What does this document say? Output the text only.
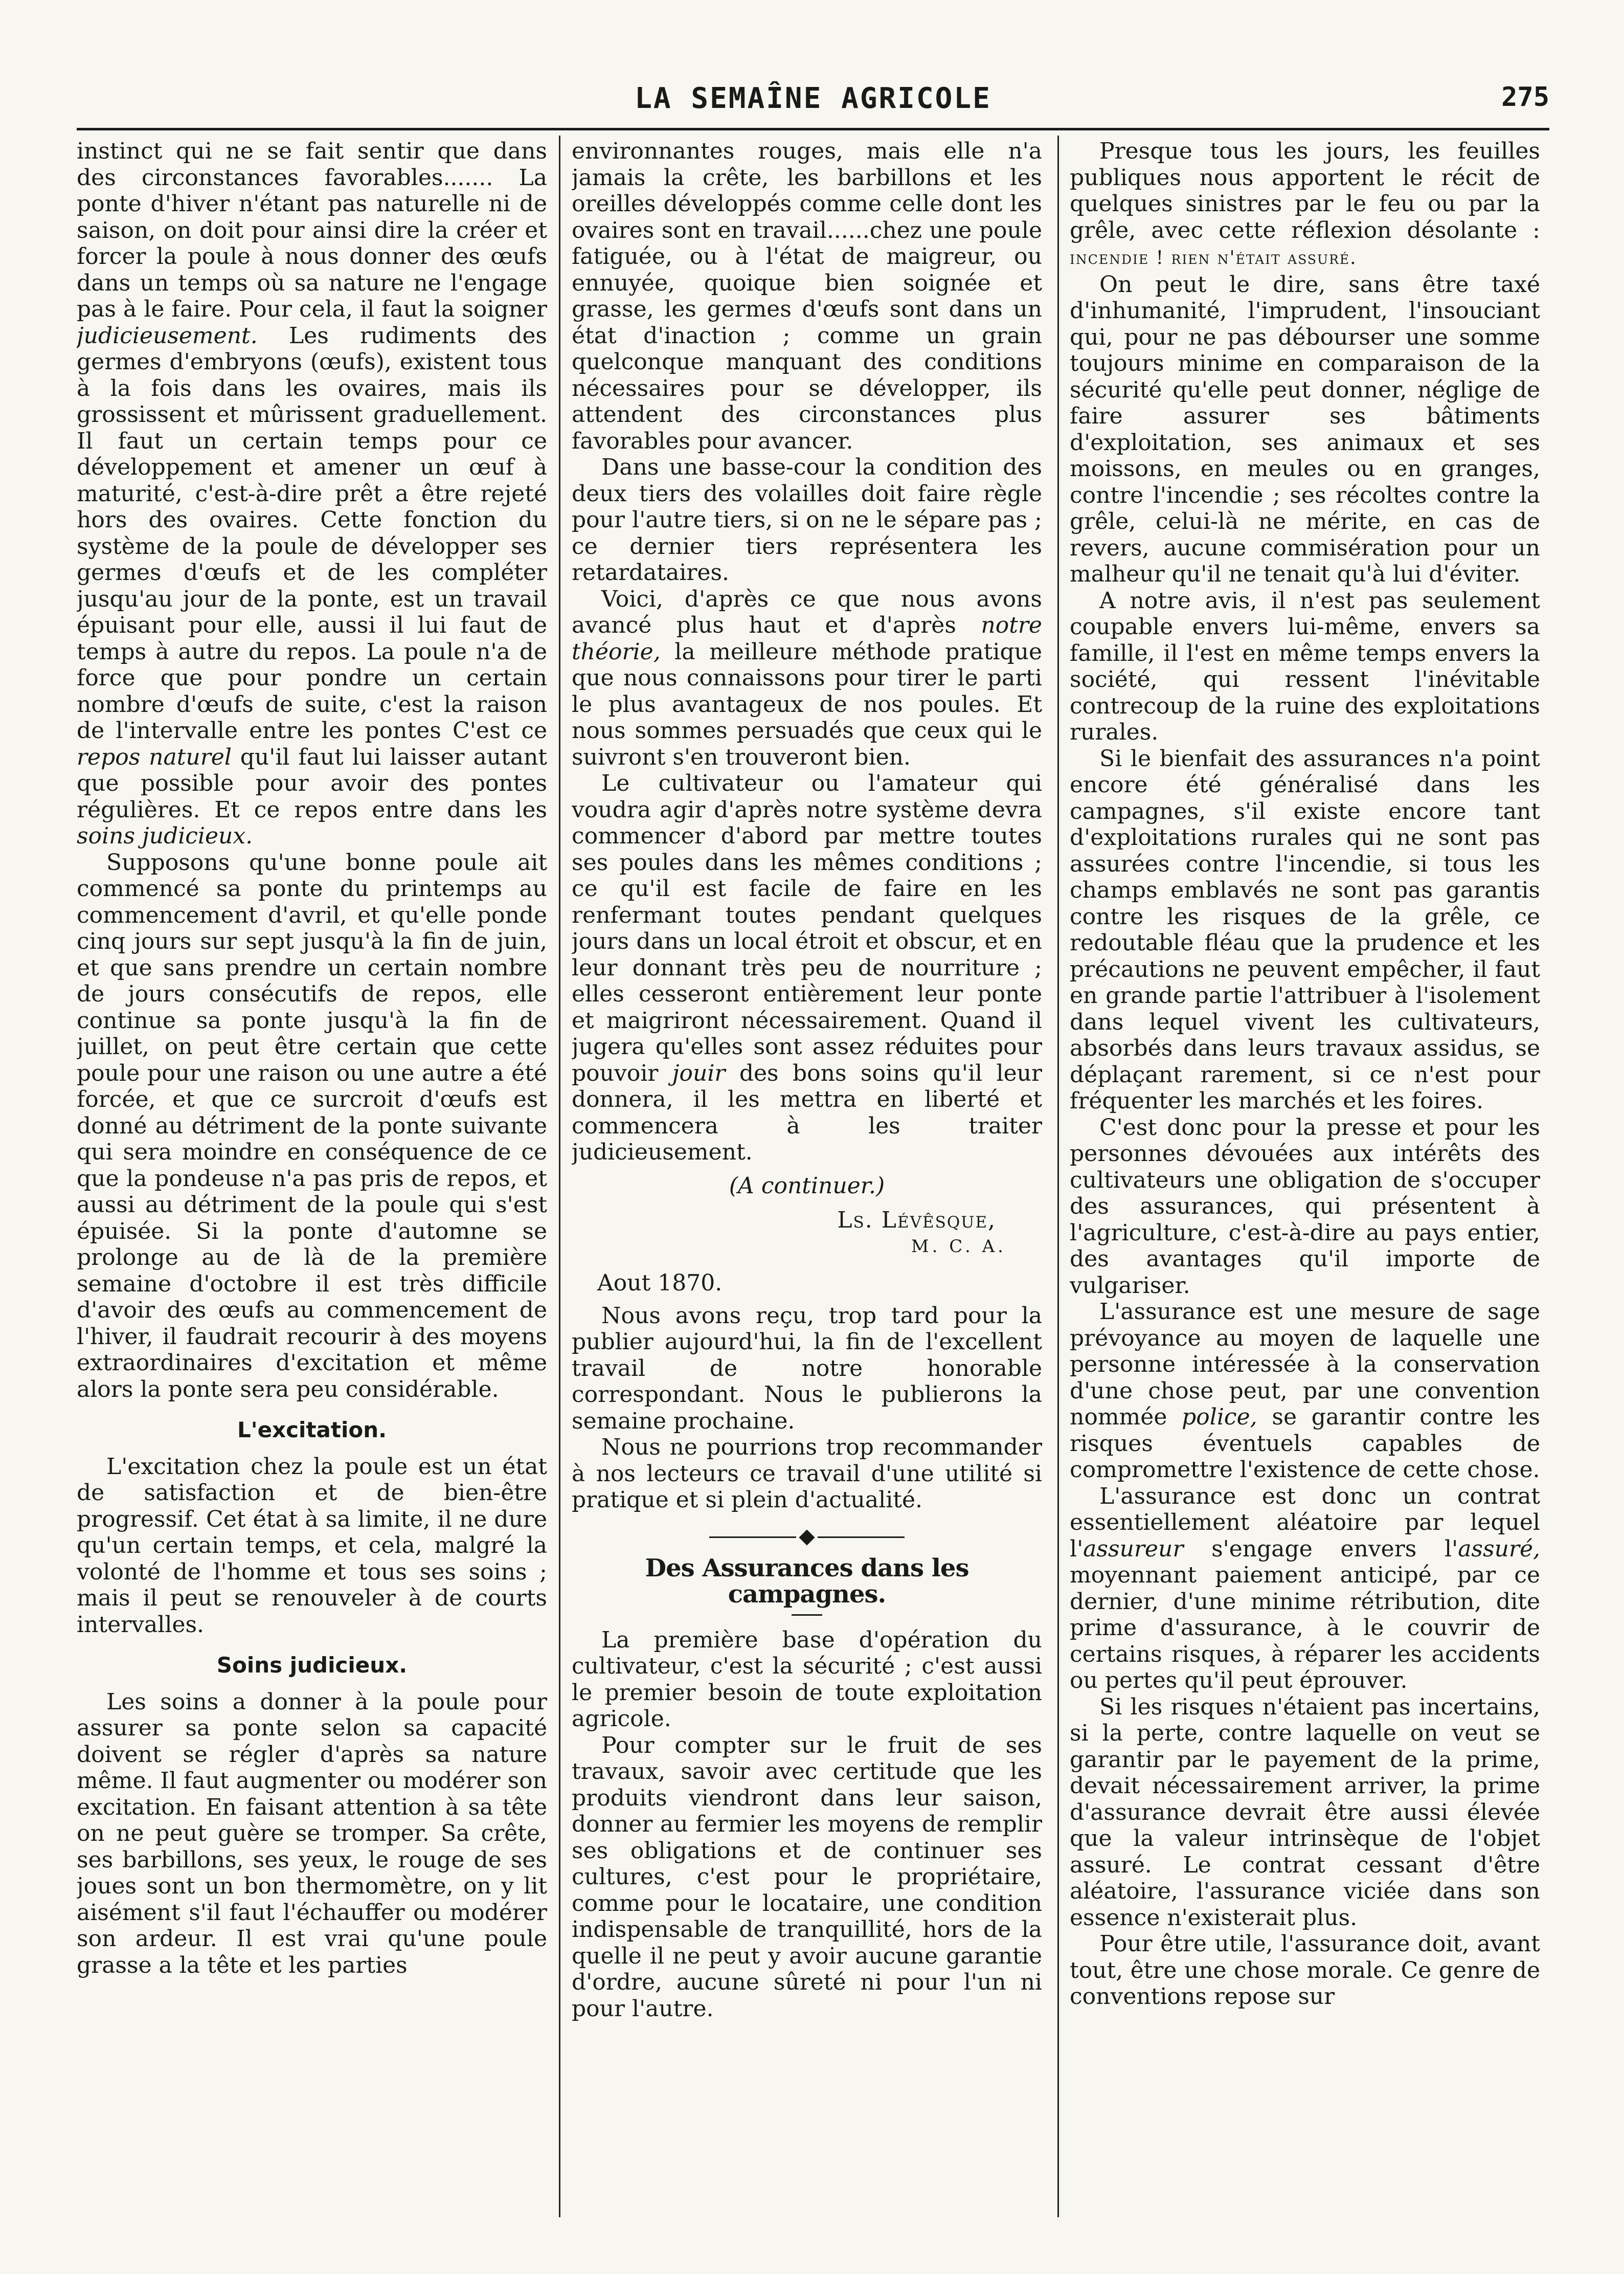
LA SEMAÎNE AGRICOLE	275

instinct qui ne se fait sentir que dans des circonstances favorables....... La ponte d'hiver n'étant pas naturelle ni de saison, on doit pour ainsi dire la créer et forcer la poule à nous donner des œufs dans un temps où sa nature ne l'engage pas à le faire. Pour cela, il faut la soigner judicieusement. Les rudiments des germes d'embryons (œufs), existent tous à la fois dans les ovaires, mais ils grossissent et mûrissent graduellement. Il faut un certain temps pour ce développement et amener un œuf à maturité, c'est-à-dire prêt a être rejeté hors des ovaires. Cette fonction du système de la poule de développer ses germes d'œufs et de les compléter jusqu'au jour de la ponte, est un travail épuisant pour elle, aussi il lui faut de temps à autre du repos. La poule n'a de force que pour pondre un certain nombre d'œufs de suite, c'est la raison de l'intervalle entre les pontes C'est ce repos naturel qu'il faut lui laisser autant que possible pour avoir des pontes régulières. Et ce repos entre dans les soins judicieux.

Supposons qu'une bonne poule ait commencé sa ponte du printemps au commencement d'avril, et qu'elle ponde cinq jours sur sept jusqu'à la fin de juin, et que sans prendre un certain nombre de jours consécutifs de repos, elle continue sa ponte jusqu'à la fin de juillet, on peut être certain que cette poule pour une raison ou une autre a été forcée, et que ce surcroit d'œufs est donné au détriment de la ponte suivante qui sera moindre en conséquence de ce que la pondeuse n'a pas pris de repos, et aussi au détriment de la poule qui s'est épuisée. Si la ponte d'automne se prolonge au de là de la première semaine d'octobre il est très difficile d'avoir des œufs au commencement de l'hiver, il faudrait recourir à des moyens extraordinaires d'excitation et même alors la ponte sera peu considérable.

L'excitation.

L'excitation chez la poule est un état de satisfaction et de bien-être progressif. Cet état à sa limite, il ne dure qu'un certain temps, et cela, malgré la volonté de l'homme et tous ses soins ; mais il peut se renouveler à de courts intervalles.

Soins judicieux.

Les soins a donner à la poule pour assurer sa ponte selon sa capacité doivent se régler d'après sa nature même. Il faut augmenter ou modérer son excitation. En faisant attention à sa tête on ne peut guère se tromper. Sa crête, ses barbillons, ses yeux, le rouge de ses joues sont un bon thermomètre, on y lit aisément s'il faut l'échauffer ou modérer son ardeur. Il est vrai qu'une poule grasse a la tête et les parties

environnantes rouges, mais elle n'a jamais la crête, les barbillons et les oreilles développés comme celle dont les ovaires sont en travail......chez une poule fatiguée, ou à l'état de maigreur, ou ennuyée, quoique bien soignée et grasse, les germes d'œufs sont dans un état d'inaction ; comme un grain quelconque manquant des conditions nécessaires pour se développer, ils attendent des circonstances plus favorables pour avancer.

Dans une basse-cour la condition des deux tiers des volailles doit faire règle pour l'autre tiers, si on ne le sépare pas ; ce dernier tiers représentera les retardataires.

Voici, d'après ce que nous avons avancé plus haut et d'après notre théorie, la meilleure méthode pratique que nous connaissons pour tirer le parti le plus avantageux de nos poules. Et nous sommes persuadés que ceux qui le suivront s'en trouveront bien.

Le cultivateur ou l'amateur qui voudra agir d'après notre système devra commencer d'abord par mettre toutes ses poules dans les mêmes conditions ; ce qu'il est facile de faire en les renfermant toutes pendant quelques jours dans un local étroit et obscur, et en leur donnant très peu de nourriture ; elles cesseront entièrement leur ponte et maigriront nécessairement. Quand il jugera qu'elles sont assez réduites pour pouvoir jouir des bons soins qu'il leur donnera, il les mettra en liberté et commencera à les traiter judicieusement.

(A continuer.)
Ls. Lévêsque,
M. C. A.
Aout 1870.

Nous avons reçu, trop tard pour la publier aujourd'hui, la fin de l'excellent travail de notre honorable correspondant. Nous le publierons la semaine prochaine.

Nous ne pourrions trop recommander à nos lecteurs ce travail d'une utilité si pratique et si plein d'actualité.

Des Assurances dans les campagnes.

La première base d'opération du cultivateur, c'est la sécurité ; c'est aussi le premier besoin de toute exploitation agricole.

Pour compter sur le fruit de ses travaux, savoir avec certitude que les produits viendront dans leur saison, donner au fermier les moyens de remplir ses obligations et de continuer ses cultures, c'est pour le propriétaire, comme pour le locataire, une condition indispensable de tranquillité, hors de la quelle il ne peut y avoir aucune garantie d'ordre, aucune sûreté ni pour l'un ni pour l'autre.

Presque tous les jours, les feuilles publiques nous apportent le récit de quelques sinistres par le feu ou par la grêle, avec cette réflexion désolante : incendie ! rien n'était assuré.

On peut le dire, sans être taxé d'inhumanité, l'imprudent, l'insouciant qui, pour ne pas débourser une somme toujours minime en comparaison de la sécurité qu'elle peut donner, néglige de faire assurer ses bâtiments d'exploitation, ses animaux et ses moissons, en meules ou en granges, contre l'incendie ; ses récoltes contre la grêle, celui-là ne mérite, en cas de revers, aucune commisération pour un malheur qu'il ne tenait qu'à lui d'éviter.

A notre avis, il n'est pas seulement coupable envers lui-même, envers sa famille, il l'est en même temps envers la société, qui ressent l'inévitable contrecoup de la ruine des exploitations rurales.

Si le bienfait des assurances n'a point encore été généralisé dans les campagnes, s'il existe encore tant d'exploitations rurales qui ne sont pas assurées contre l'incendie, si tous les champs emblavés ne sont pas garantis contre les risques de la grêle, ce redoutable fléau que la prudence et les précautions ne peuvent empêcher, il faut en grande partie l'attribuer à l'isolement dans lequel vivent les cultivateurs, absorbés dans leurs travaux assidus, se déplaçant rarement, si ce n'est pour fréquenter les marchés et les foires.

C'est donc pour la presse et pour les personnes dévouées aux intérêts des cultivateurs une obligation de s'occuper des assurances, qui présentent à l'agriculture, c'est-à-dire au pays entier, des avantages qu'il importe de vulgariser.

L'assurance est une mesure de sage prévoyance au moyen de laquelle une personne intéressée à la conservation d'une chose peut, par une convention nommée police, se garantir contre les risques éventuels capables de compromettre l'existence de cette chose.

L'assurance est donc un contrat essentiellement aléatoire par lequel l'assureur s'engage envers l'assuré, moyennant paiement anticipé, par ce dernier, d'une minime rétribution, dite prime d'assurance, à le couvrir de certains risques, à réparer les accidents ou pertes qu'il peut éprouver.

Si les risques n'étaient pas incertains, si la perte, contre laquelle on veut se garantir par le payement de la prime, devait nécessairement arriver, la prime d'assurance devrait être aussi élevée que la valeur intrinsèque de l'objet assuré. Le contrat cessant d'être aléatoire, l'assurance viciée dans son essence n'existerait plus.

Pour être utile, l'assurance doit, avant tout, être une chose morale. Ce genre de conventions repose sur
